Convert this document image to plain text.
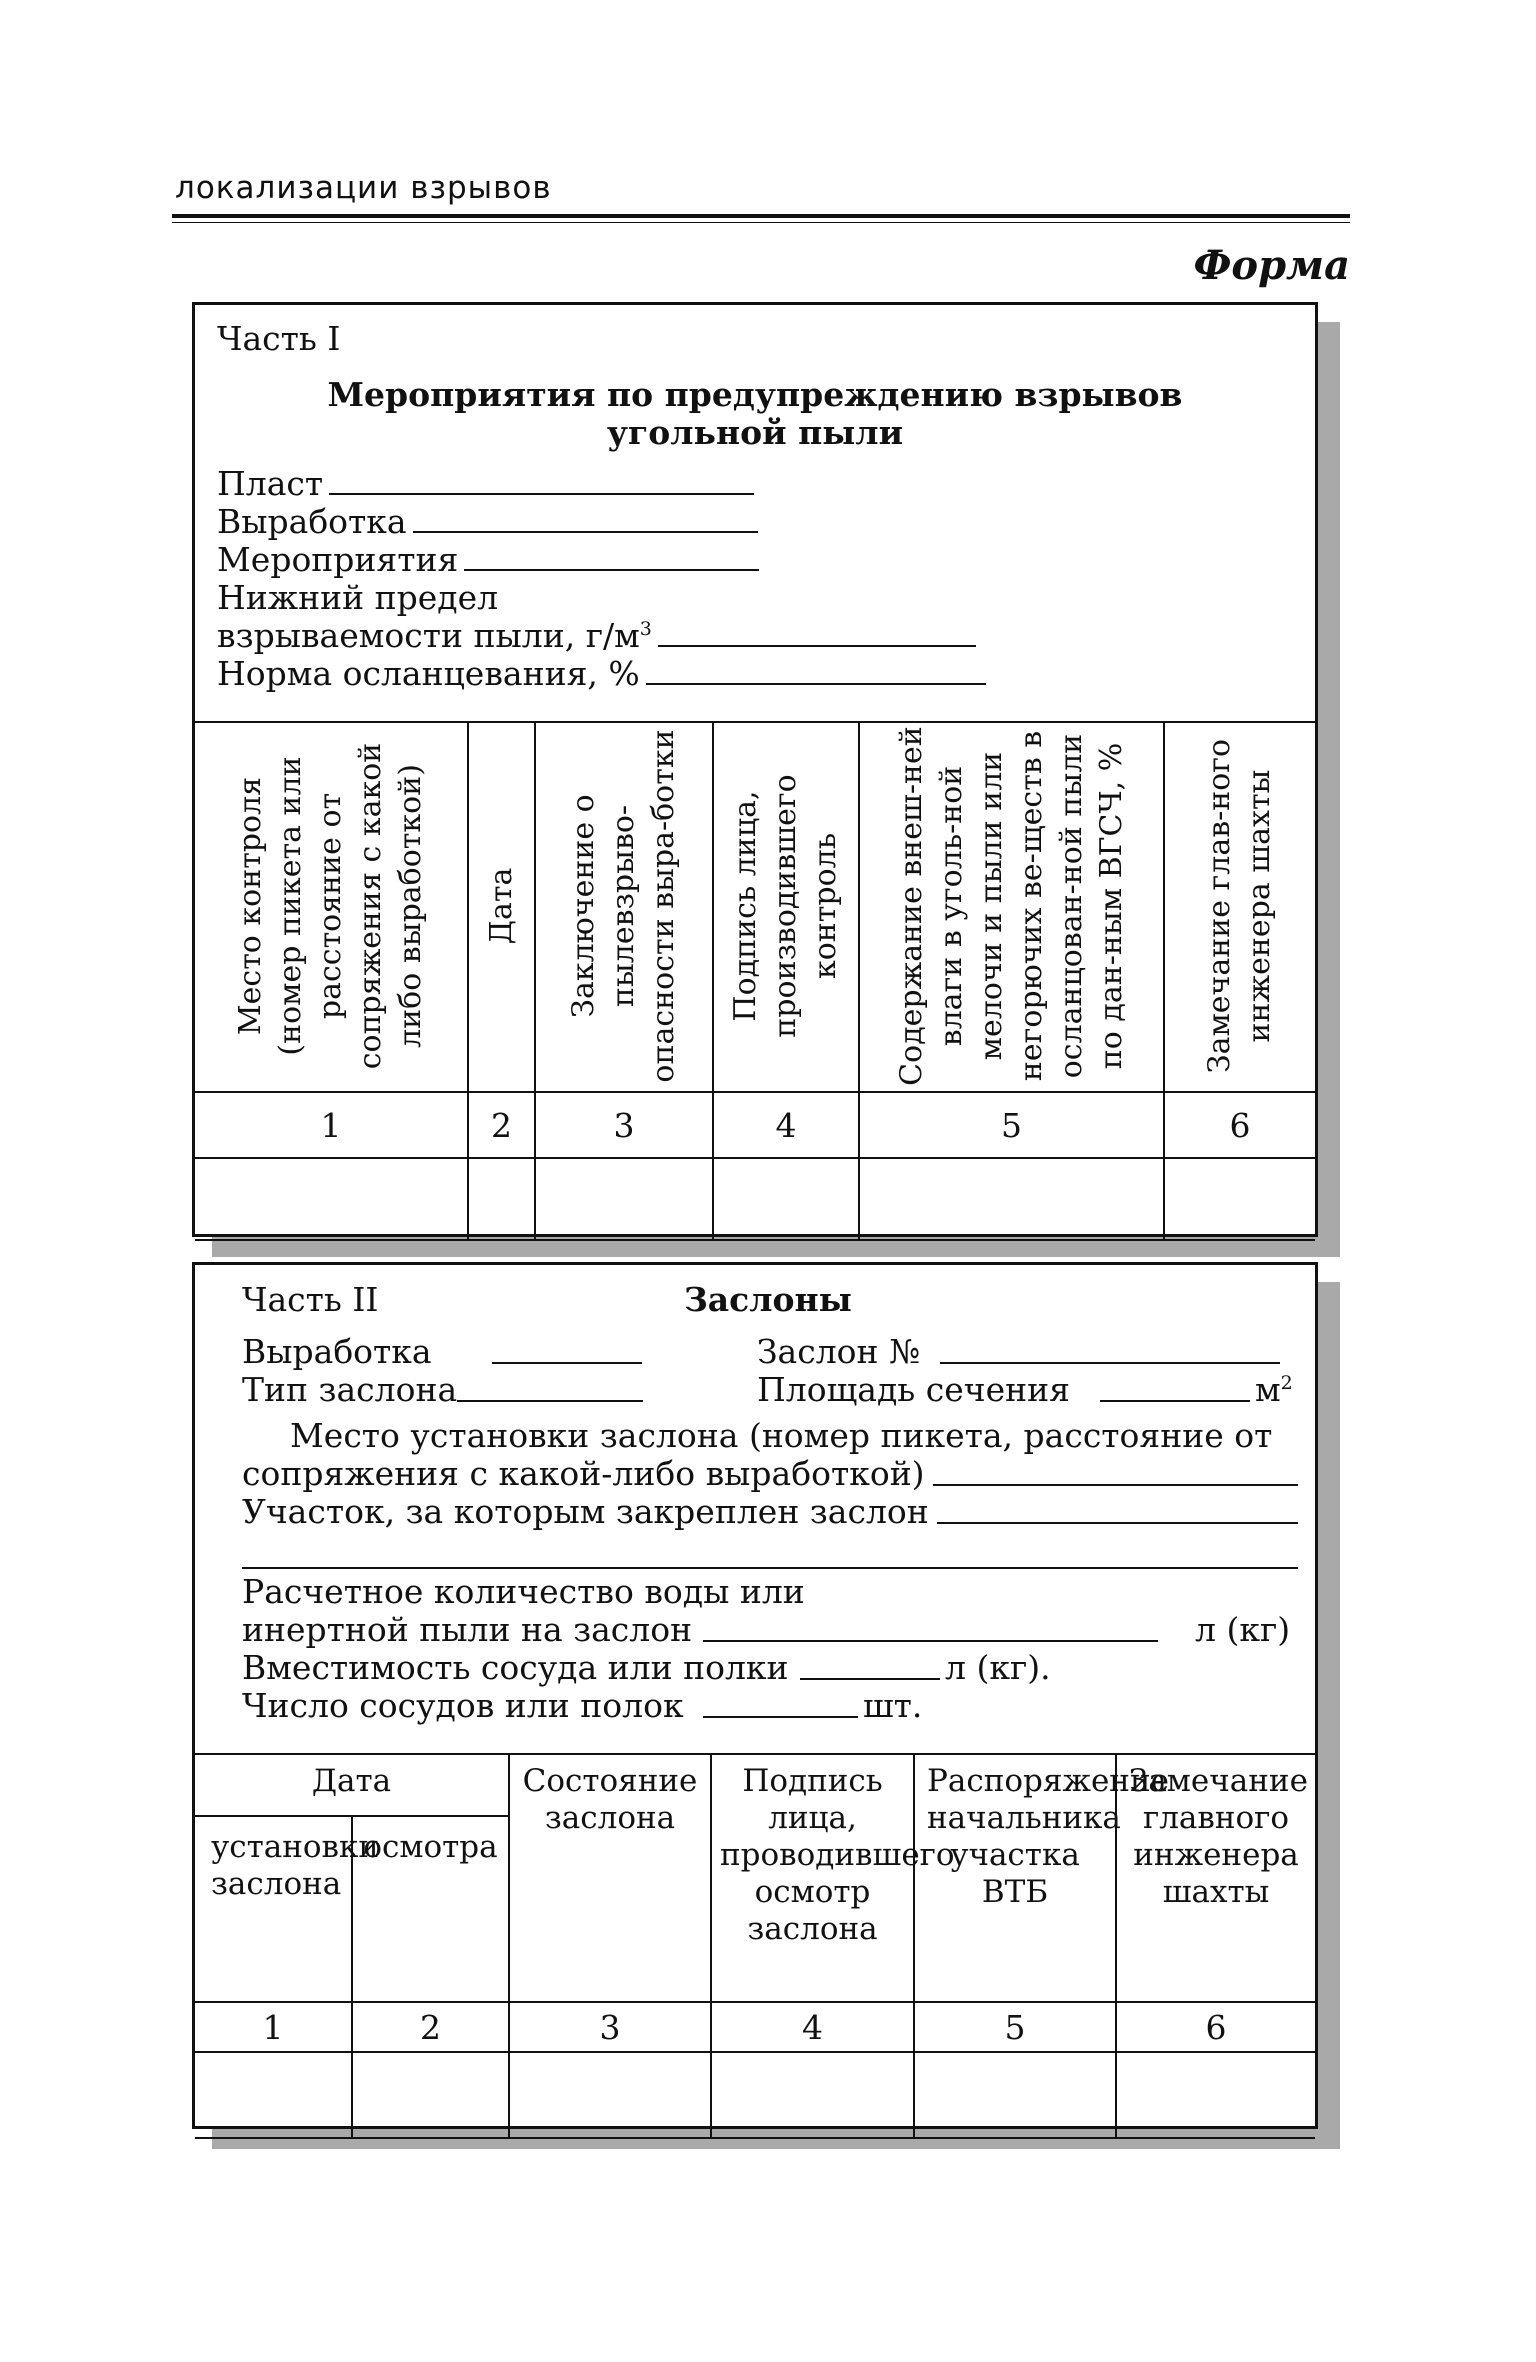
локализации взрывов
Форма
Часть I
Мероприятия по предупреждению взрывов
угольной пыли
Пласт
Выработка
Мероприятия
Нижний предел
взрываемости пыли, $г/м^3$
Норма осланцевания, %
Место контроля (номер пикета или расстояние от сопряжения с какой либо выработкой)	Дата	Заключение о пылевзрыво-опасности выра-ботки	Подпись лица, производившего контроль	Содержание внеш-ней влаги в уголь-ной мелочи и пыли или негорючих ве-ществ в осланцован-ной пыли по дан-ным ВГСЧ, %	Замечание глав-ного инженера шахты

1	2	3	4	5	6

Часть II	Заслоны
Выработка	Заслон №
Тип заслона	Площадь сечения	$м^2$
Место установки заслона (номер пикета, расстояние от
сопряжения с какой-либо выработкой)
Участок, за которым закреплен заслон
Расчетное количество воды или
инертной пыли на заслон	л (кг)
Вместимость сосуда или полки	л (кг).
Число сосудов или полок	шт.
Дата		Состояние заслона	Подпись лица, проводившего осмотр заслона	Распоряжение начальника участка ВТБ	Замечание главного инженера шахты
установки заслона	осмотра				
1	2	3	4	5	6
